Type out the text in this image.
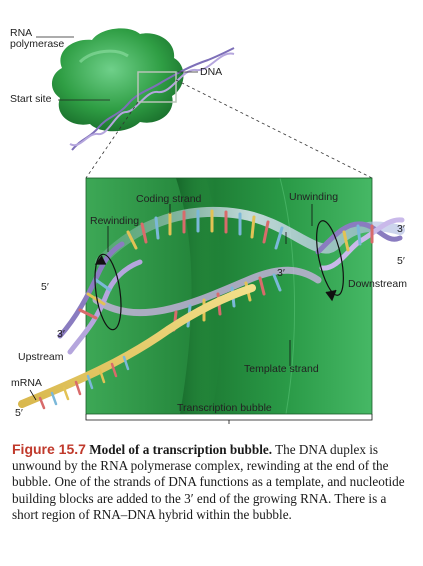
RNA
polymerase
DNA
Start site
Coding strand	Unwinding
Rewinding
3′
5′
Downstream
3′
5′
3′
Upstream
mRNA
5′
Template strand
Transcription bubble

Figure 15.7 Model of a transcription bubble. The DNA duplex is unwound by the RNA polymerase complex, rewinding at the end of the bubble. One of the strands of DNA functions as a template, and nucleotide building blocks are added to the 3′ end of the growing RNA. There is a short region of RNA–DNA hybrid within the bubble.
